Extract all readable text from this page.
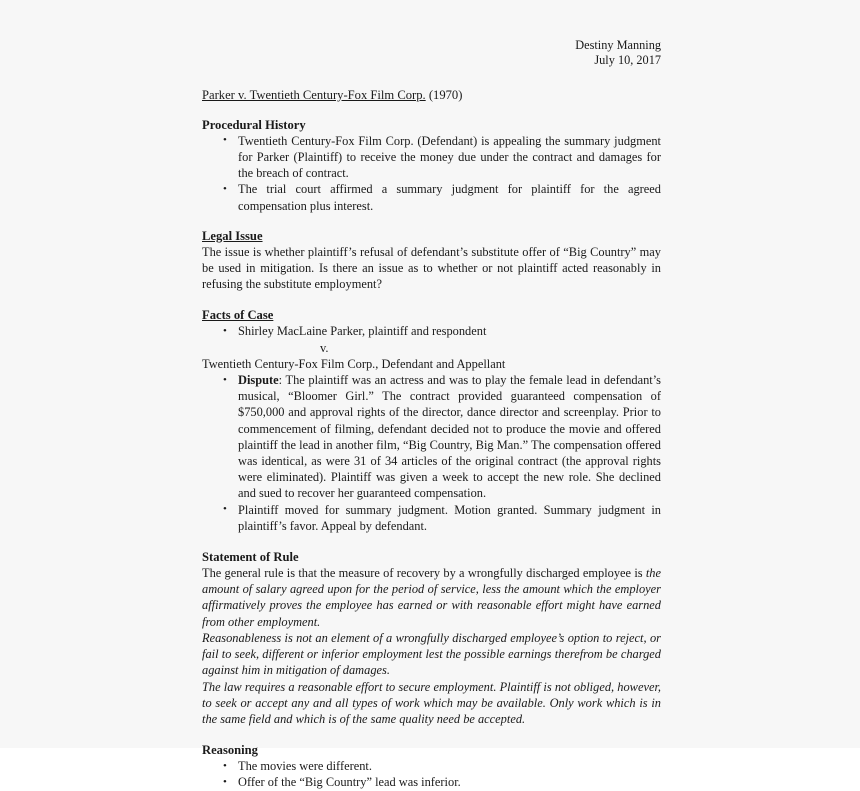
Destiny Manning
July 10, 2017
Parker v. Twentieth Century-Fox Film Corp. (1970)
Procedural History
• Twentieth Century-Fox Film Corp. (Defendant) is appealing the summary judgment for Parker (Plaintiff) to receive the money due under the contract and damages for the breach of contract.
• The trial court affirmed a summary judgment for plaintiff for the agreed compensation plus interest.
Legal Issue

The issue is whether plaintiff’s refusal of defendant’s substitute offer of “Big Country” may be used in mitigation. Is there an issue as to whether or not plaintiff acted reasonably in refusing the substitute employment?

Facts of Case
• Shirley MacLaine Parker, plaintiff and respondent
v.
Twentieth Century-Fox Film Corp., Defendant and Appellant
• Dispute: The plaintiff was an actress and was to play the female lead in defendant’s musical, “Bloomer Girl.” The contract provided guaranteed compensation of $750,000 and approval rights of the director, dance director and screenplay. Prior to commencement of filming, defendant decided not to produce the movie and offered plaintiff the lead in another film, “Big Country, Big Man.” The compensation offered was identical, as were 31 of 34 articles of the original contract (the approval rights were eliminated). Plaintiff was given a week to accept the new role. She declined and sued to recover her guaranteed compensation.
• Plaintiff moved for summary judgment. Motion granted. Summary judgment in plaintiff’s favor. Appeal by defendant.
Statement of Rule

The general rule is that the measure of recovery by a wrongfully discharged employee is the amount of salary agreed upon for the period of service, less the amount which the employer affirmatively proves the employee has earned or with reasonable effort might have earned from other employment.

Reasonableness is not an element of a wrongfully discharged employee’s option to reject, or fail to seek, different or inferior employment lest the possible earnings therefrom be charged against him in mitigation of damages.

The law requires a reasonable effort to secure employment. Plaintiff is not obliged, however, to seek or accept any and all types of work which may be available. Only work which is in the same field and which is of the same quality need be accepted.

Reasoning
• The movies were different.
• Offer of the “Big Country” lead was inferior.
